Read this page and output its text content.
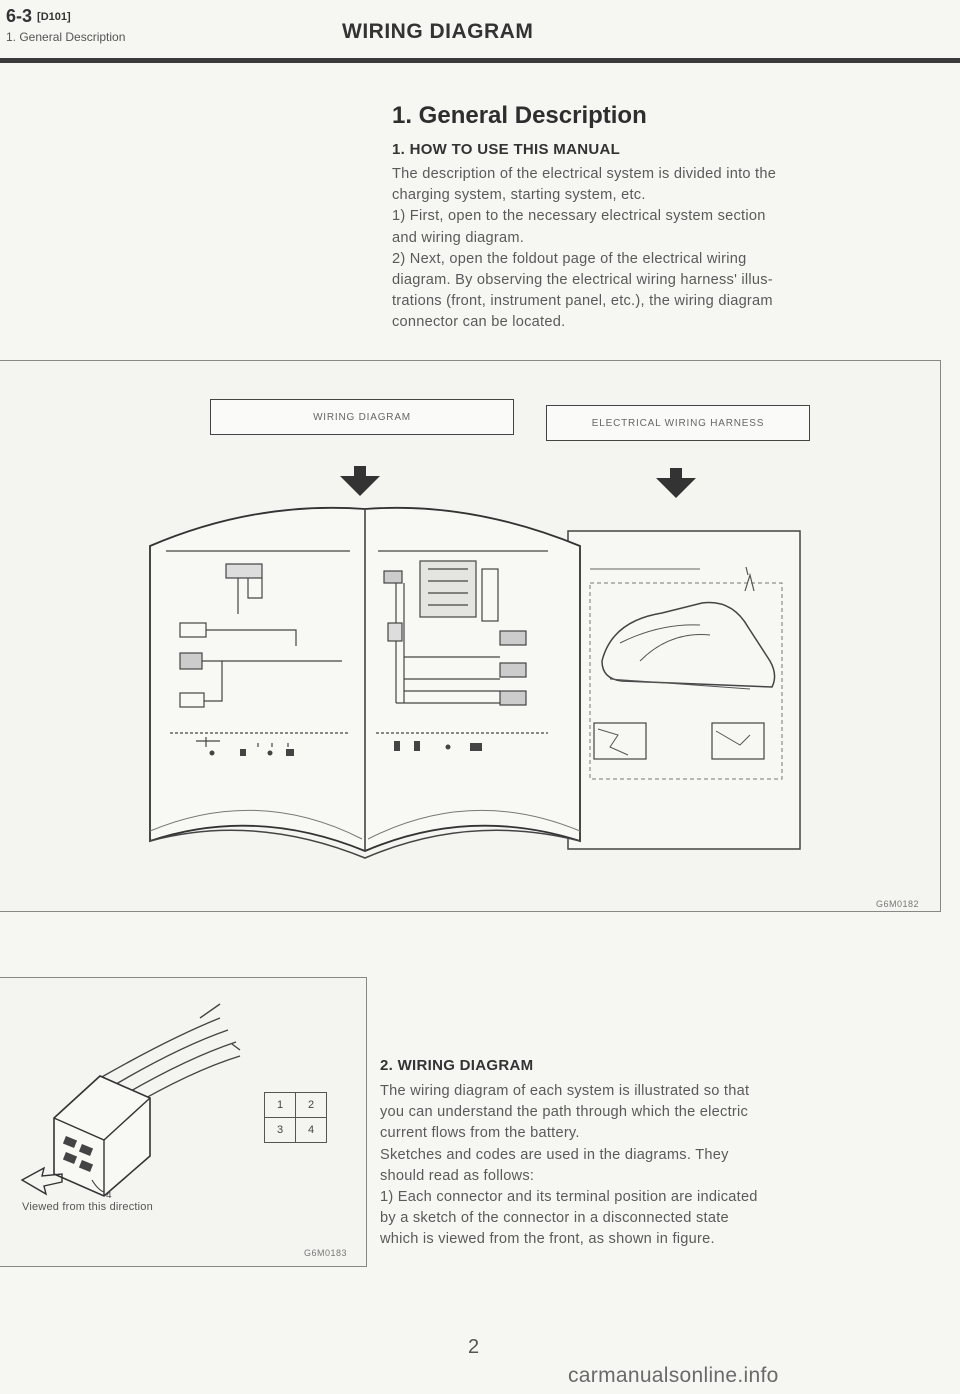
6-3 [D101]
1. General Description	WIRING DIAGRAM
1. General Description
1. HOW TO USE THIS MANUAL

The description of the electrical system is divided into the

charging system, starting system, etc.

1) First, open to the necessary electrical system section

and wiring diagram.

2) Next, open the foldout page of the electrical wiring

diagram. By observing the electrical wiring harness' illus-

trations (front, instrument panel, etc.), the wiring diagram

connector can be located.

WIRING DIAGRAM
ELECTRICAL WIRING HARNESS
G6M0182
2. WIRING DIAGRAM

The wiring diagram of each system is illustrated so that

you can understand the path through which the electric

current flows from the battery.

Sketches and codes are used in the diagrams. They

should read as follows:

1) Each connector and its terminal position are indicated

by a sketch of the connector in a disconnected state

which is viewed from the front, as shown in figure.

4
1	2
3	4
Viewed from this direction
G6M0183
2
carmanualsonline.info
